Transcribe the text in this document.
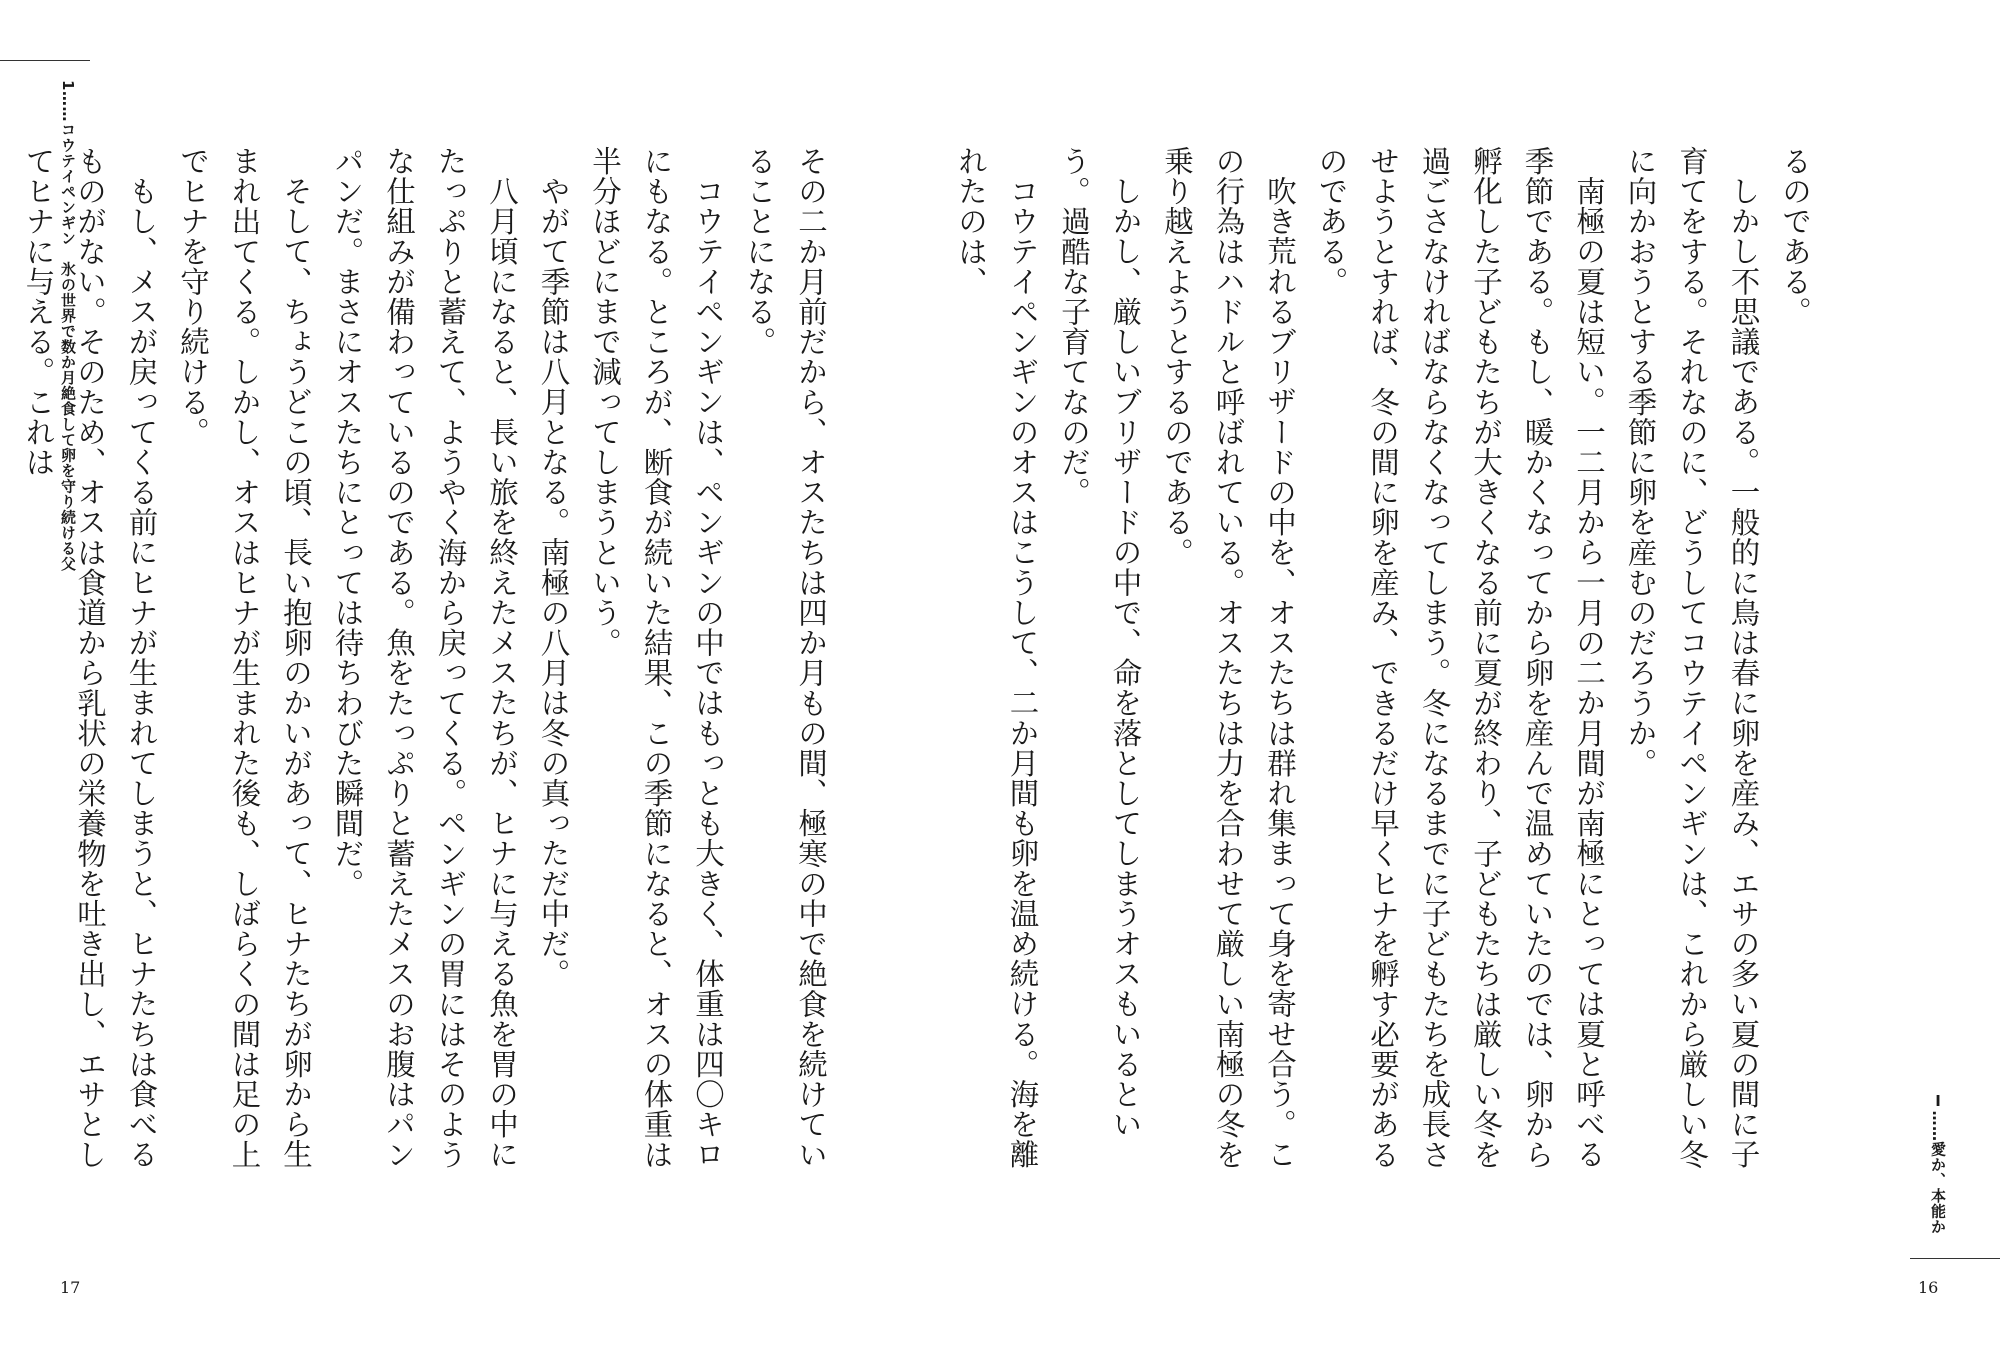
るのである。

しかし不思議である。一般的に鳥は春に卵を産み、エサの多い夏の間に子育てをする。それなのに、どうしてコウテイペンギンは、これから厳しい冬に向かおうとする季節に卵を産むのだろうか。

南極の夏は短い。一二月から一月の二か月間が南極にとっては夏と呼べる季節である。もし、暖かくなってから卵を産んで温めていたのでは、卵から孵化した子どもたちが大きくなる前に夏が終わり、子どもたちは厳しい冬を過ごさなければならなくなってしまう。冬になるまでに子どもたちを成長させようとすれば、冬の間に卵を産み、できるだけ早くヒナを孵す必要があるのである。

吹き荒れるブリザードの中を、オスたちは群れ集まって身を寄せ合う。この行為はハドルと呼ばれている。オスたちは力を合わせて厳しい南極の冬を乗り越えようとするのである。

しかし、厳しいブリザードの中で、命を落としてしまうオスもいるという。過酷な子育てなのだ。

コウテイペンギンのオスはこうして、二か月間も卵を温め続ける。海を離れたのは、

Ⅰ……愛か、本能か
16

その二か月前だから、オスたちは四か月もの間、極寒の中で絶食を続けていることになる。

コウテイペンギンは、ペンギンの中ではもっとも大きく、体重は四〇キロにもなる。ところが、断食が続いた結果、この季節になると、オスの体重は半分ほどにまで減ってしまうという。

やがて季節は八月となる。南極の八月は冬の真っただ中だ。

八月頃になると、長い旅を終えたメスたちが、ヒナに与える魚を胃の中にたっぷりと蓄えて、ようやく海から戻ってくる。ペンギンの胃にはそのような仕組みが備わっているのである。魚をたっぷりと蓄えたメスのお腹はパンパンだ。まさにオスたちにとっては待ちわびた瞬間だ。

そして、ちょうどこの頃、長い抱卵のかいがあって、ヒナたちが卵から生まれ出てくる。しかし、オスはヒナが生まれた後も、しばらくの間は足の上でヒナを守り続ける。

もし、メスが戻ってくる前にヒナが生まれてしまうと、ヒナたちは食べるものがない。そのため、オスは食道から乳状の栄養物を吐き出し、エサとしてヒナに与える。これは 1……コウテイペンギン　氷の世界で数か月絶食して卵を守り続ける父
17
